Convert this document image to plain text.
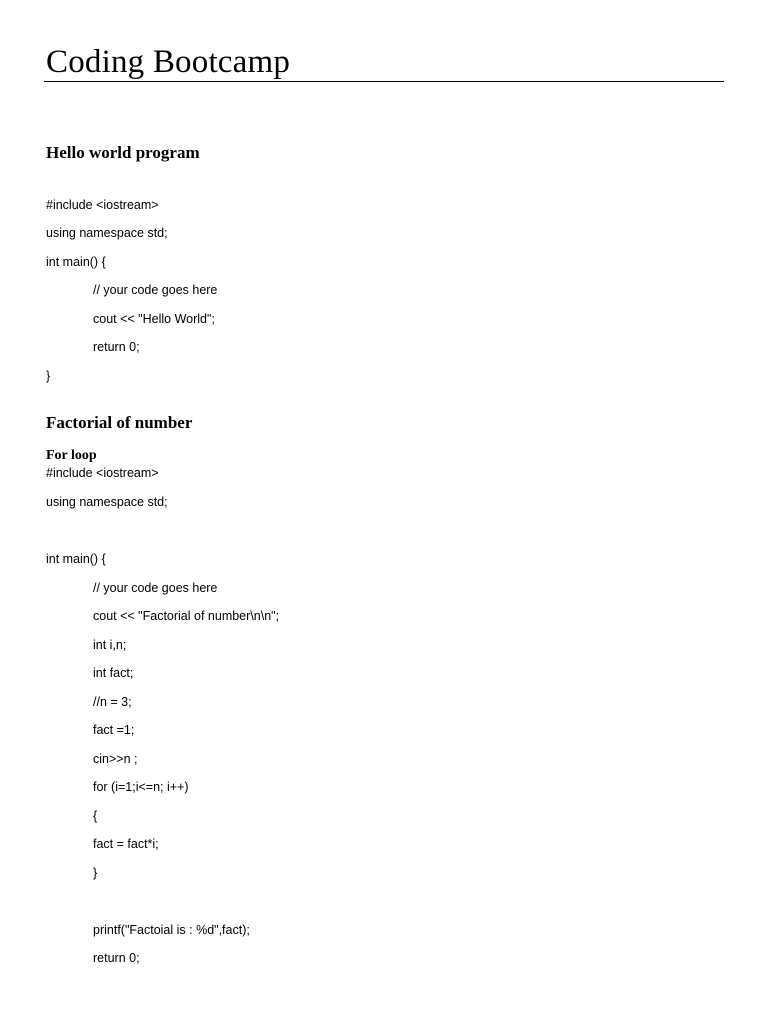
Coding Bootcamp
Hello world program
#include <iostream>
using namespace std;
int main() {
// your code goes here
cout << "Hello World";
return 0;
}
Factorial of number
For loop
#include <iostream>
using namespace std;
int main() {
// your code goes here
cout << "Factorial of number\n\n";
int i,n;
int fact;
//n = 3;
fact =1;
cin>>n ;
for (i=1;i<=n; i++)
{
fact = fact*i;
}
printf("Factoial is : %d",fact);
return 0;
